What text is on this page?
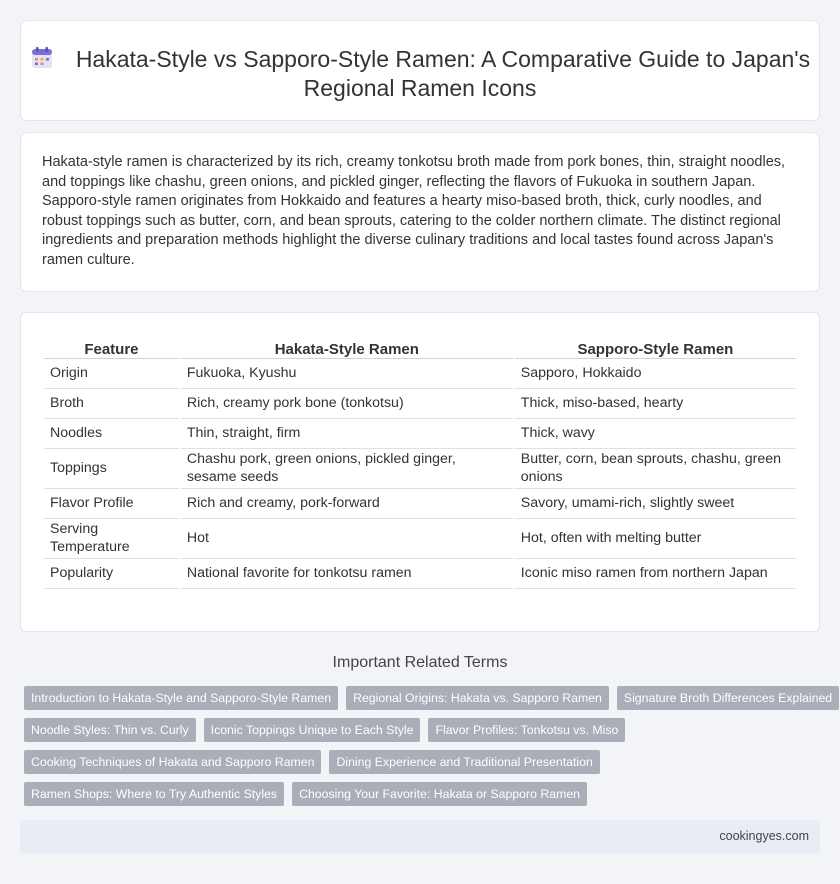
Hakata-Style vs Sapporo-Style Ramen: A Comparative Guide to Japan's Regional Ramen Icons

Hakata-style ramen is characterized by its rich, creamy tonkotsu broth made from pork bones, thin, straight noodles, and toppings like chashu, green onions, and pickled ginger, reflecting the flavors of Fukuoka in southern Japan. Sapporo-style ramen originates from Hokkaido and features a hearty miso-based broth, thick, curly noodles, and robust toppings such as butter, corn, and bean sprouts, catering to the colder northern climate. The distinct regional ingredients and preparation methods highlight the diverse culinary traditions and local tastes found across Japan's ramen culture.

Feature	Hakata-Style Ramen	Sapporo-Style Ramen
Origin	Fukuoka, Kyushu	Sapporo, Hokkaido
Broth	Rich, creamy pork bone (tonkotsu)	Thick, miso-based, hearty
Noodles	Thin, straight, firm	Thick, wavy
Toppings	Chashu pork, green onions, pickled ginger, sesame seeds	Butter, corn, bean sprouts, chashu, green onions
Flavor Profile	Rich and creamy, pork-forward	Savory, umami-rich, slightly sweet
Serving Temperature	Hot	Hot, often with melting butter
Popularity	National favorite for tonkotsu ramen	Iconic miso ramen from northern Japan
Important Related Terms
Introduction to Hakata-Style and Sapporo-Style Ramen	Regional Origins: Hakata vs. Sapporo Ramen	Signature Broth Differences Explained
Noodle Styles: Thin vs. Curly	Iconic Toppings Unique to Each Style	Flavor Profiles: Tonkotsu vs. Miso
Cooking Techniques of Hakata and Sapporo Ramen	Dining Experience and Traditional Presentation
Ramen Shops: Where to Try Authentic Styles	Choosing Your Favorite: Hakata or Sapporo Ramen
cookingyes.com
